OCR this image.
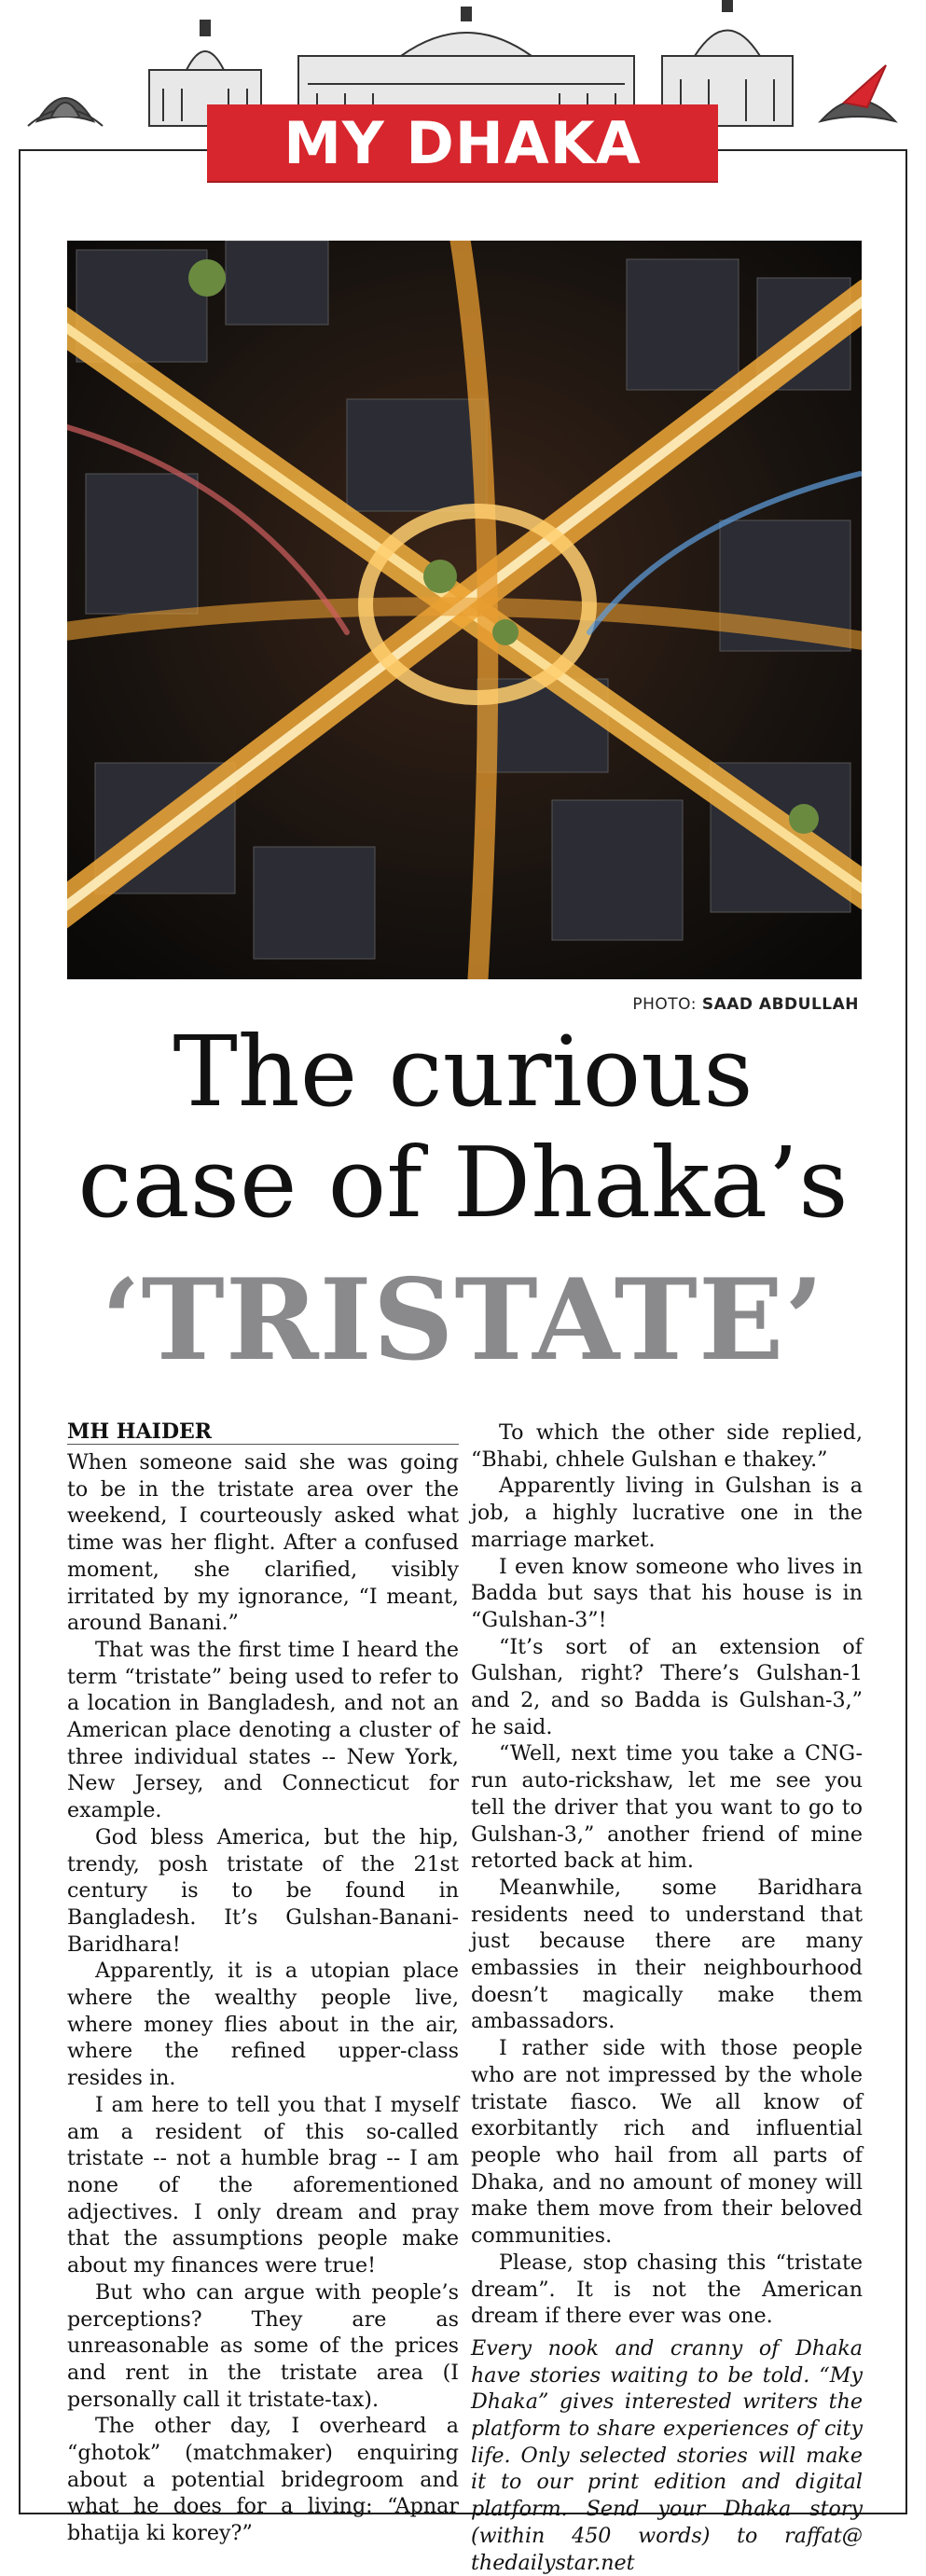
MY DHAKA
PHOTO: SAAD ABDULLAH
The curious
case of Dhaka’s
‘TRISTATE’
MH HAIDER

When someone said she was going to be in the tristate area over the weekend, I courteously asked what time was her flight. After a confused moment, she clarified, visibly irritated by my ignorance, “I meant, around Banani.”

That was the first time I heard the term “tristate” being used to refer to a location in Bangladesh, and not an American place denoting a cluster of three individual states -- New York, New Jersey, and Connecticut for example.

God bless America, but the hip, trendy, posh tristate of the 21st century is to be found in Bangladesh. It’s Gulshan-Banani-Baridhara!

Apparently, it is a utopian place where the wealthy people live, where money flies about in the air, where the refined upper-class resides in.

I am here to tell you that I myself am a resident of this so-called tristate -- not a humble brag -- I am none of the aforementioned adjectives. I only dream and pray that the assumptions people make about my finances were true!

But who can argue with people’s perceptions? They are as unreasonable as some of the prices and rent in the tristate area (I personally call it tristate-tax).

The other day, I overheard a “ghotok” (matchmaker) enquiring about a potential bridegroom and what he does for a living: “Apnar bhatija ki korey?”

To which the other side replied, “Bhabi, chhele Gulshan e thakey.”

Apparently living in Gulshan is a job, a highly lucrative one in the marriage market.

I even know someone who lives in Badda but says that his house is in “Gulshan-3”!

“It’s sort of an extension of Gulshan, right? There’s Gulshan-1 and 2, and so Badda is Gulshan-3,” he said.

“Well, next time you take a CNG-run auto-rickshaw, let me see you tell the driver that you want to go to Gulshan-3,” another friend of mine retorted back at him.

Meanwhile, some Baridhara residents need to understand that just because there are many embassies in their neighbourhood doesn’t magically make them ambassadors.

I rather side with those people who are not impressed by the whole tristate fiasco. We all know of exorbitantly rich and influential people who hail from all parts of Dhaka, and no amount of money will make them move from their beloved communities.

Please, stop chasing this “tristate dream”. It is not the American dream if there ever was one.

Every nook and cranny of Dhaka have stories waiting to be told. “My Dhaka” gives interested writers the platform to share experiences of city life. Only selected stories will make it to our print edition and digital platform. Send your Dhaka story (within 450 words) to raffat@ thedailystar.net
